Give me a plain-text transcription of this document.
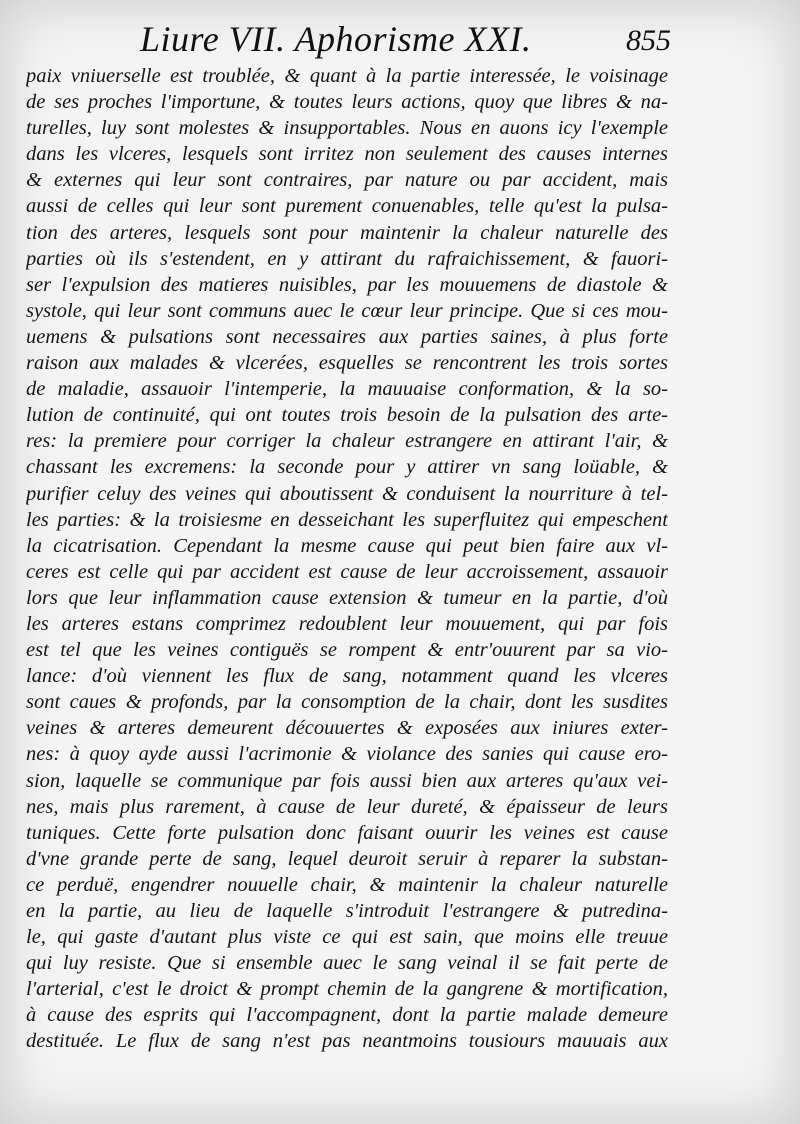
Liure VII. Aphorisme XXI.	855
paix vniuerselle est troublée, & quant à la partie interessée, le voisinage
de ses proches l'importune, & toutes leurs actions, quoy que libres & na-
turelles, luy sont molestes & insupportables. Nous en auons icy l'exemple
dans les vlceres, lesquels sont irritez non seulement des causes internes
& externes qui leur sont contraires, par nature ou par accident, mais
aussi de celles qui leur sont purement conuenables, telle qu'est la pulsa-
tion des arteres, lesquels sont pour maintenir la chaleur naturelle des
parties où ils s'estendent, en y attirant du rafraichissement, & fauori-
ser l'expulsion des matieres nuisibles, par les mouuemens de diastole &
systole, qui leur sont communs auec le cœur leur principe. Que si ces mou-
uemens & pulsations sont necessaires aux parties saines, à plus forte
raison aux malades & vlcerées, esquelles se rencontrent les trois sortes
de maladie, assauoir l'intemperie, la mauuaise conformation, & la so-
lution de continuité, qui ont toutes trois besoin de la pulsation des arte-
res: la premiere pour corriger la chaleur estrangere en attirant l'air, &
chassant les excremens: la seconde pour y attirer vn sang loüable, &
purifier celuy des veines qui aboutissent & conduisent la nourriture à tel-
les parties: & la troisiesme en desseichant les superfluitez qui empeschent
la cicatrisation. Cependant la mesme cause qui peut bien faire aux vl-
ceres est celle qui par accident est cause de leur accroissement, assauoir
lors que leur inflammation cause extension & tumeur en la partie, d'où
les arteres estans comprimez redoublent leur mouuement, qui par fois
est tel que les veines contiguës se rompent & entr'ouurent par sa vio-
lance: d'où viennent les flux de sang, notamment quand les vlceres
sont caues & profonds, par la consomption de la chair, dont les susdites
veines & arteres demeurent découuertes & exposées aux iniures exter-
nes: à quoy ayde aussi l'acrimonie & violance des sanies qui cause ero-
sion, laquelle se communique par fois aussi bien aux arteres qu'aux vei-
nes, mais plus rarement, à cause de leur dureté, & épaisseur de leurs
tuniques. Cette forte pulsation donc faisant ouurir les veines est cause
d'vne grande perte de sang, lequel deuroit seruir à reparer la substan-
ce perduë, engendrer nouuelle chair, & maintenir la chaleur naturelle
en la partie, au lieu de laquelle s'introduit l'estrangere & putredina-
le, qui gaste d'autant plus viste ce qui est sain, que moins elle treuue
qui luy resiste. Que si ensemble auec le sang veinal il se fait perte de
l'arterial, c'est le droict & prompt chemin de la gangrene & mortification,
à cause des esprits qui l'accompagnent, dont la partie malade demeure
destituée. Le flux de sang n'est pas neantmoins tousiours mauuais aux
